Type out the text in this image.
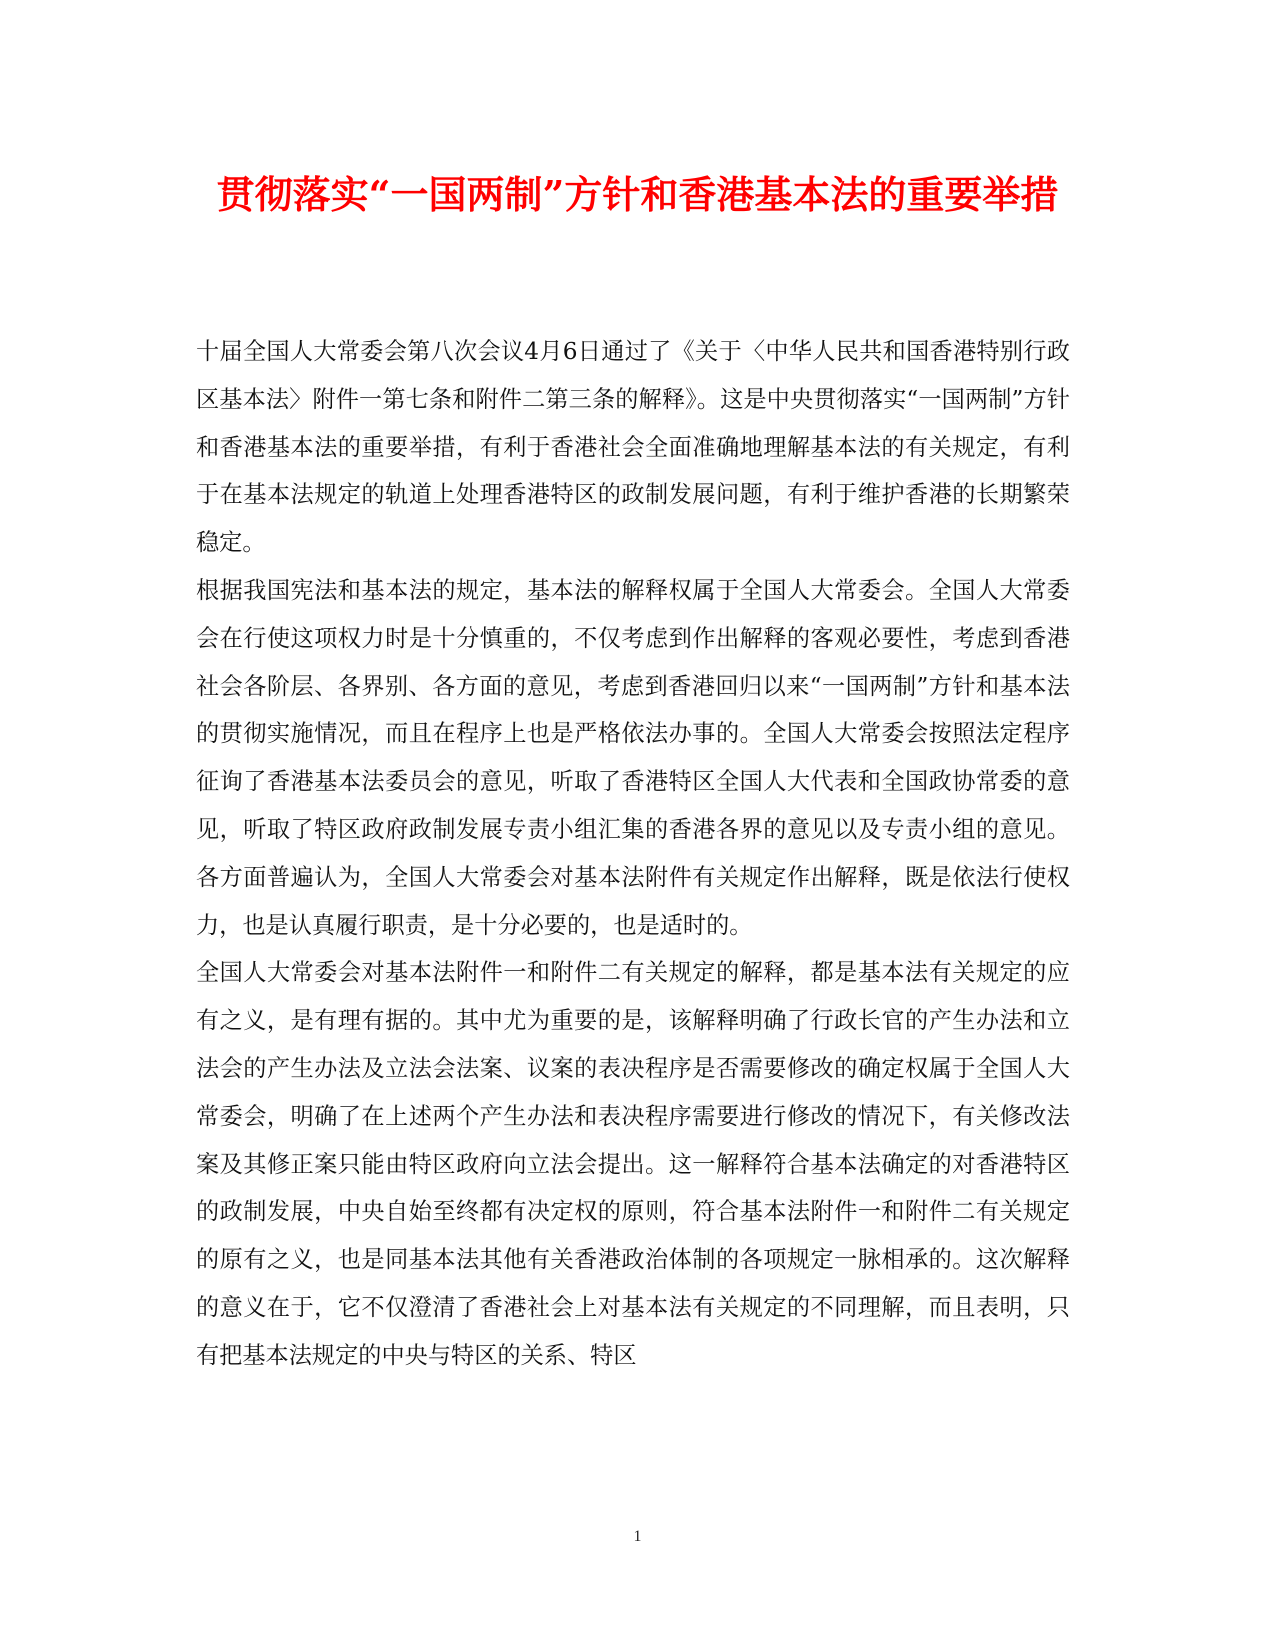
贯彻落实“一国两制”方针和香港基本法的重要举措

十届全国人大常委会第八次会议4月6日通过了《关于〈中华人民共和国香港特别行政区基本法〉附件一第七条和附件二第三条的解释》。这是中央贯彻落实“一国两制”方针和香港基本法的重要举措，有利于香港社会全面准确地理解基本法的有关规定，有利于在基本法规定的轨道上处理香港特区的政制发展问题，有利于维护香港的长期繁荣稳定。

根据我国宪法和基本法的规定，基本法的解释权属于全国人大常委会。全国人大常委会在行使这项权力时是十分慎重的，不仅考虑到作出解释的客观必要性，考虑到香港社会各阶层、各界别、各方面的意见，考虑到香港回归以来“一国两制”方针和基本法的贯彻实施情况，而且在程序上也是严格依法办事的。全国人大常委会按照法定程序征询了香港基本法委员会的意见，听取了香港特区全国人大代表和全国政协常委的意见，听取了特区政府政制发展专责小组汇集的香港各界的意见以及专责小组的意见。各方面普遍认为，全国人大常委会对基本法附件有关规定作出解释，既是依法行使权力，也是认真履行职责，是十分必要的，也是适时的。

全国人大常委会对基本法附件一和附件二有关规定的解释，都是基本法有关规定的应有之义，是有理有据的。其中尤为重要的是，该解释明确了行政长官的产生办法和立法会的产生办法及立法会法案、议案的表决程序是否需要修改的确定权属于全国人大常委会，明确了在上述两个产生办法和表决程序需要进行修改的情况下，有关修改法案及其修正案只能由特区政府向立法会提出。这一解释符合基本法确定的对香港特区的政制发展，中央自始至终都有决定权的原则，符合基本法附件一和附件二有关规定的原有之义，也是同基本法其他有关香港政治体制的各项规定一脉相承的。这次解释的意义在于，它不仅澄清了香港社会上对基本法有关规定的不同理解，而且表明，只有把基本法规定的中央与特区的关系、特区

1
